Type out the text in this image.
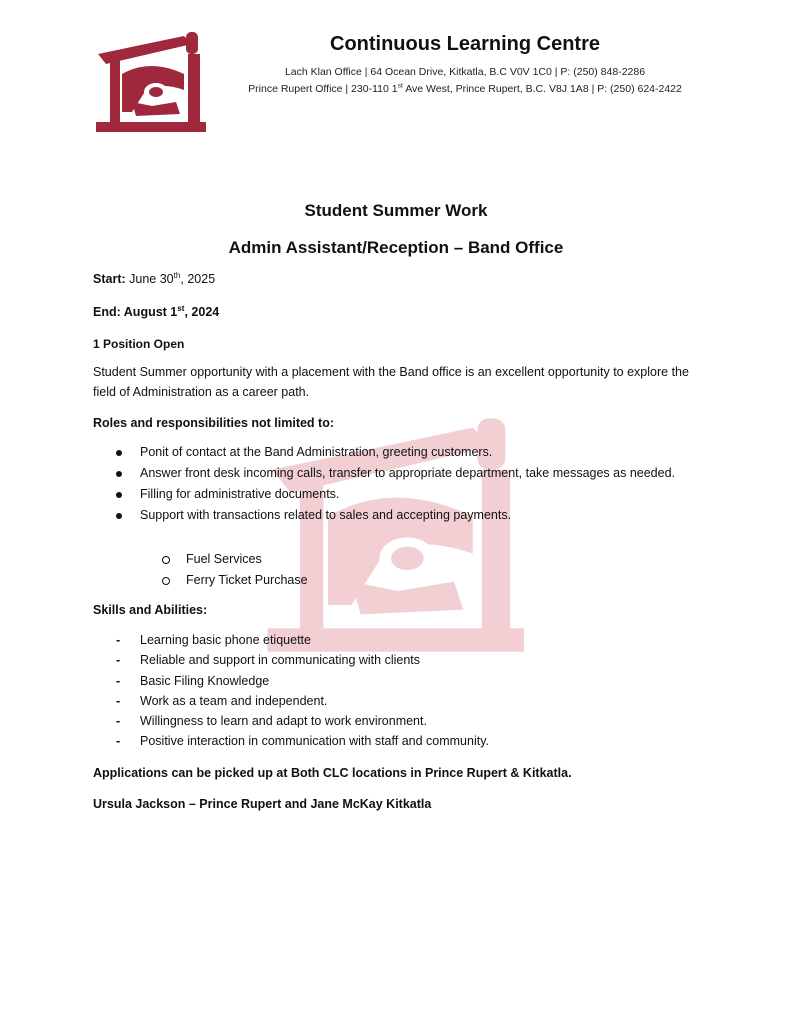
Continuous Learning Centre
Lach Klan Office | 64 Ocean Drive, Kitkatla, B.C V0V 1C0 | P: (250) 848-2286
Prince Rupert Office | 230-110 1st Ave West, Prince Rupert, B.C. V8J 1A8 | P: (250) 624-2422
Student Summer Work
Admin Assistant/Reception – Band Office
Start: June 30th, 2025
End: August 1st, 2024
1 Position Open
Student Summer opportunity with a placement with the Band office is an excellent opportunity to explore the field of Administration as a career path.
Roles and responsibilities not limited to:
Ponit of contact at the Band Administration, greeting customers.
Answer front desk incoming calls, transfer to appropriate department, take messages as needed.
Filling for administrative documents.
Support with transactions related to sales and accepting payments.
Fuel Services
Ferry Ticket Purchase
Skills and Abilities:
- Learning basic phone etiquette
- Reliable and support in communicating with clients
- Basic Filing Knowledge
- Work as a team and independent.
- Willingness to learn and adapt to work environment.
- Positive interaction in communication with staff and community.
Applications can be picked up at Both CLC locations in Prince Rupert & Kitkatla.
Ursula Jackson – Prince Rupert and Jane McKay Kitkatla
